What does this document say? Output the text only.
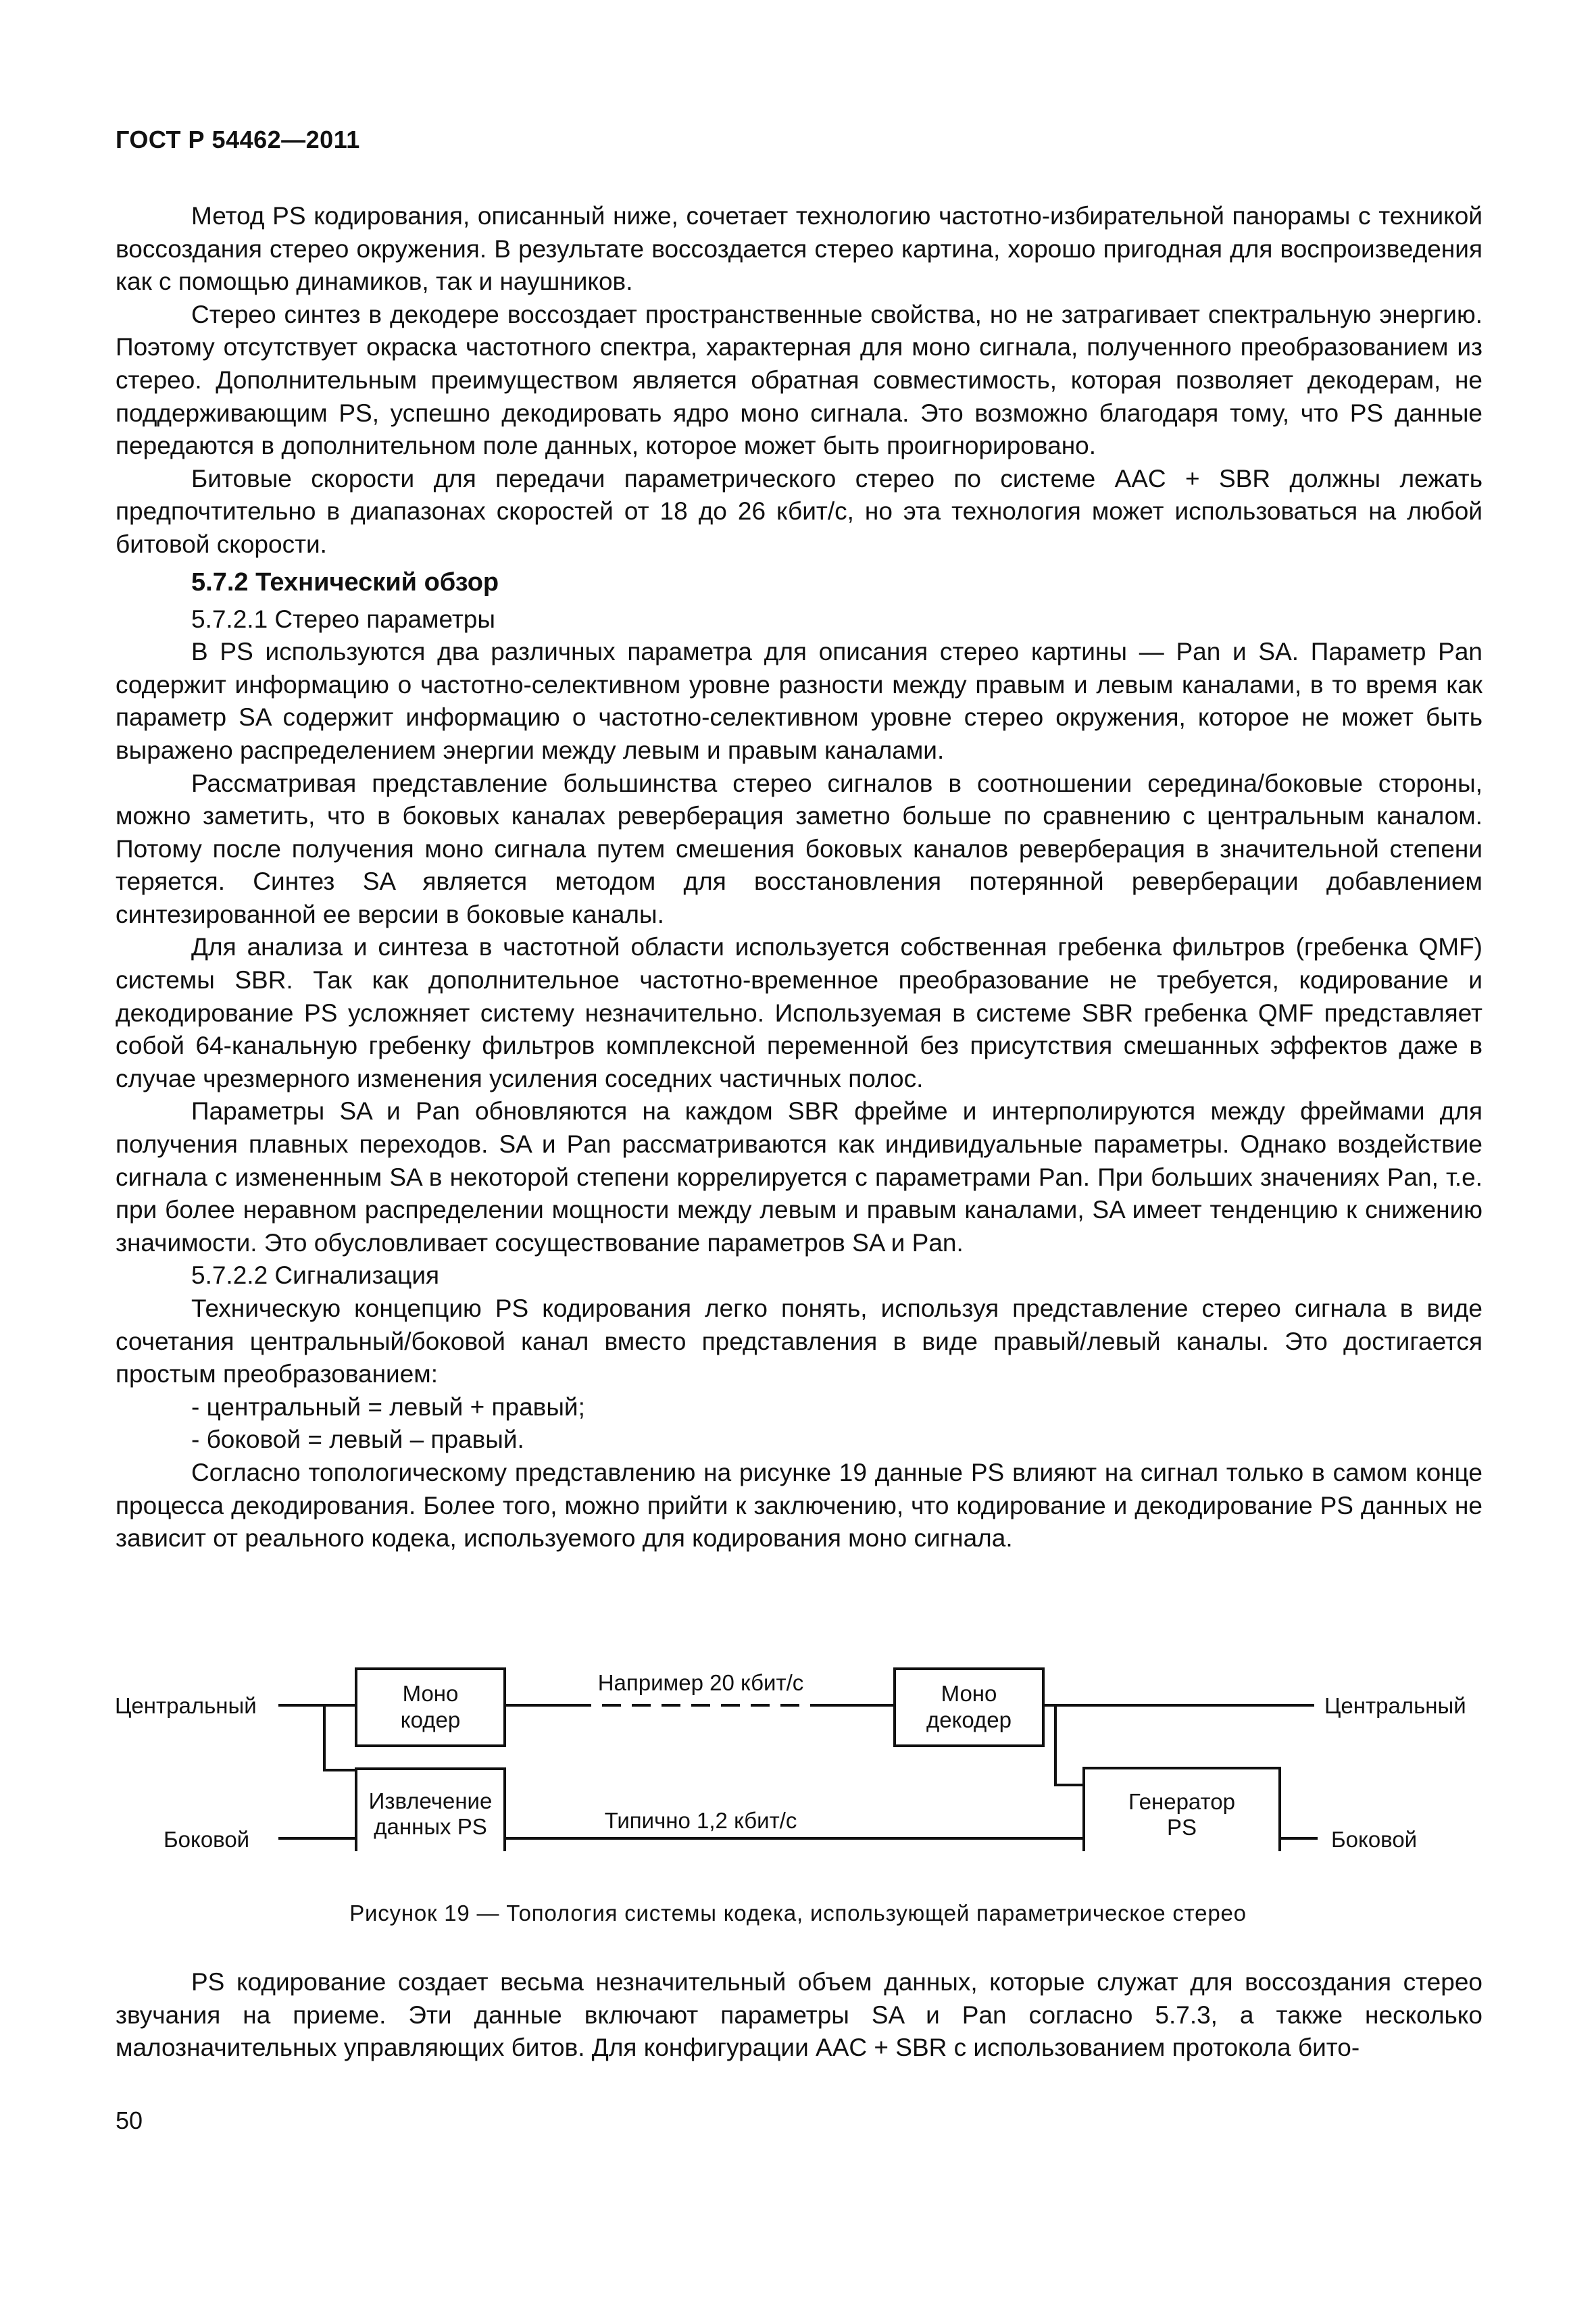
ГОСТ Р 54462—2011

Метод PS кодирования, описанный ниже, сочетает технологию частотно-избирательной панорамы с техникой воссоздания стерео окружения. В результате воссоздается стерео картина, хорошо пригодная для воспроизведения как с помощью динамиков, так и наушников.

Стерео синтез в декодере воссоздает пространственные свойства, но не затрагивает спектральную энергию. Поэтому отсутствует окраска частотного спектра, характерная для моно сигнала, полученного преобразованием из стерео. Дополнительным преимуществом является обратная совместимость, которая позволяет декодерам, не поддерживающим PS, успешно декодировать ядро моно сигнала. Это возможно благодаря тому, что PS данные передаются в дополнительном поле данных, которое может быть проигнорировано.

Битовые скорости для передачи параметрического стерео по системе AAC + SBR должны лежать предпочтительно в диапазонах скоростей от 18 до 26 кбит/с, но эта технология может использоваться на любой битовой скорости.

5.7.2 Технический обзор

5.7.2.1 Стерео параметры

В PS используются два различных параметра для описания стерео картины — Pan и SA. Параметр Pan содержит информацию о частотно-селективном уровне разности между правым и левым каналами, в то время как параметр SA содержит информацию о частотно-селективном уровне стерео окружения, которое не может быть выражено распределением энергии между левым и правым каналами.

Рассматривая представление большинства стерео сигналов в соотношении середина/боковые стороны, можно заметить, что в боковых каналах реверберация заметно больше по сравнению с центральным каналом. Потому после получения моно сигнала путем смешения боковых каналов реверберация в значительной степени теряется. Синтез SA является методом для восстановления потерянной реверберации добавлением синтезированной ее версии в боковые каналы.

Для анализа и синтеза в частотной области используется собственная гребенка фильтров (гребенка QMF) системы SBR. Так как дополнительное частотно-временное преобразование не требуется, кодирование и декодирование PS усложняет систему незначительно. Используемая в системе SBR гребенка QMF представляет собой 64-канальную гребенку фильтров комплексной переменной без присутствия смешанных эффектов даже в случае чрезмерного изменения усиления соседних частичных полос.

Параметры SA и Pan обновляются на каждом SBR фрейме и интерполируются между фреймами для получения плавных переходов. SA и Pan рассматриваются как индивидуальные параметры. Однако воздействие сигнала с измененным SA в некоторой степени коррелируется с параметрами Pan. При больших значениях Pan, т.е. при более неравном распределении мощности между левым и правым каналами, SA имеет тенденцию к снижению значимости. Это обусловливает сосуществование параметров SA и Pan.

5.7.2.2 Сигнализация

Техническую концепцию PS кодирования легко понять, используя представление стерео сигнала в виде сочетания центральный/боковой канал вместо представления в виде правый/левый каналы. Это достигается простым преобразованием:

- центральный = левый + правый;

- боковой = левый – правый.

Согласно топологическому представлению на рисунке 19 данные PS влияют на сигнал только в самом конце процесса декодирования. Более того, можно прийти к заключению, что кодирование и декодирование PS данных не зависит от реального кодека, используемого для кодирования моно сигнала.

Центральный
Боковой
Центральный
Боковой
Моно
кодер
Извлечение
данных PS
Моно
декодер
Генератор
PS
Например 20 кбит/с
Типично 1,2 кбит/с
Рисунок 19 — Топология системы кодека, использующей параметрическое стерео

PS кодирование создает весьма незначительный объем данных, которые служат для воссоздания стерео звучания на приеме. Эти данные включают параметры SA и Pan согласно 5.7.3, а также несколько малозначительных управляющих битов. Для конфигурации AAC + SBR с использованием протокола бито-

50
